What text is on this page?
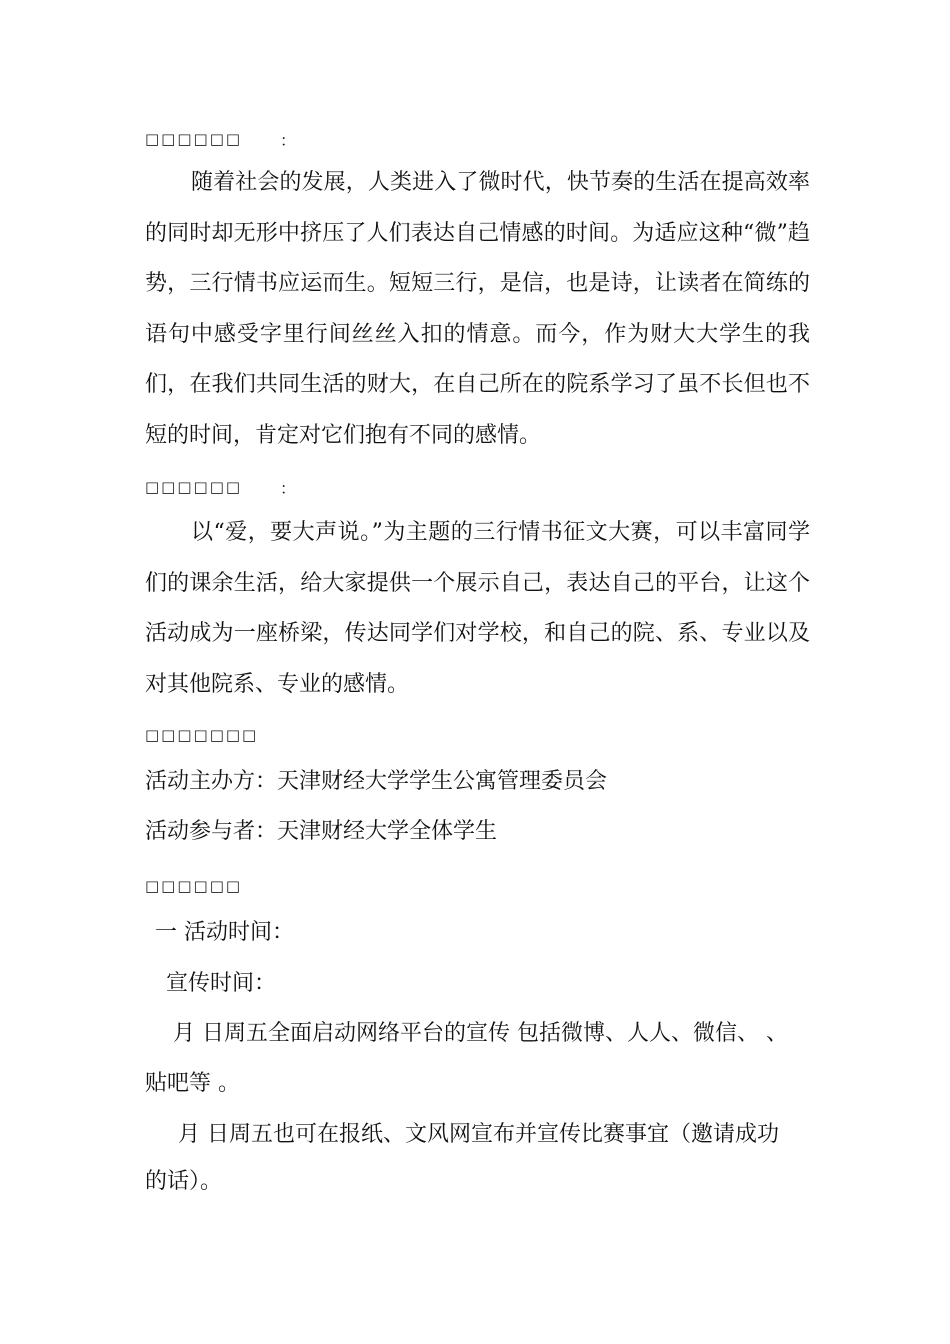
□□□□□□ ：
随着社会的发展，人类进入了微时代，快节奏的生活在提高效率的同时却无形中挤压了人们表达自己情感的时间。为适应这种“微”趋势，三行情书应运而生。短短三行，是信，也是诗，让读者在简练的语句中感受字里行间丝丝入扣的情意。而今，作为财大大学生的我们，在我们共同生活的财大，在自己所在的院系学习了虽不长但也不短的时间，肯定对它们抱有不同的感情。
□□□□□□ ：
以“爱，要大声说。”为主题的三行情书征文大赛，可以丰富同学们的课余生活，给大家提供一个展示自己，表达自己的平台，让这个活动成为一座桥梁，传达同学们对学校，和自己的院、系、专业以及对其他院系、专业的感情。
□□□□□□□
活动主办方：天津财经大学学生公寓管理委员会
活动参与者：天津财经大学全体学生
□□□□□□
一 活动时间：
宣传时间：
月 日周五全面启动网络平台的宣传 包括微博、人人、微信、 、
贴吧等 。
月 日周五也可在报纸、文风网宣布并宣传比赛事宜（邀请成功
的话）。
